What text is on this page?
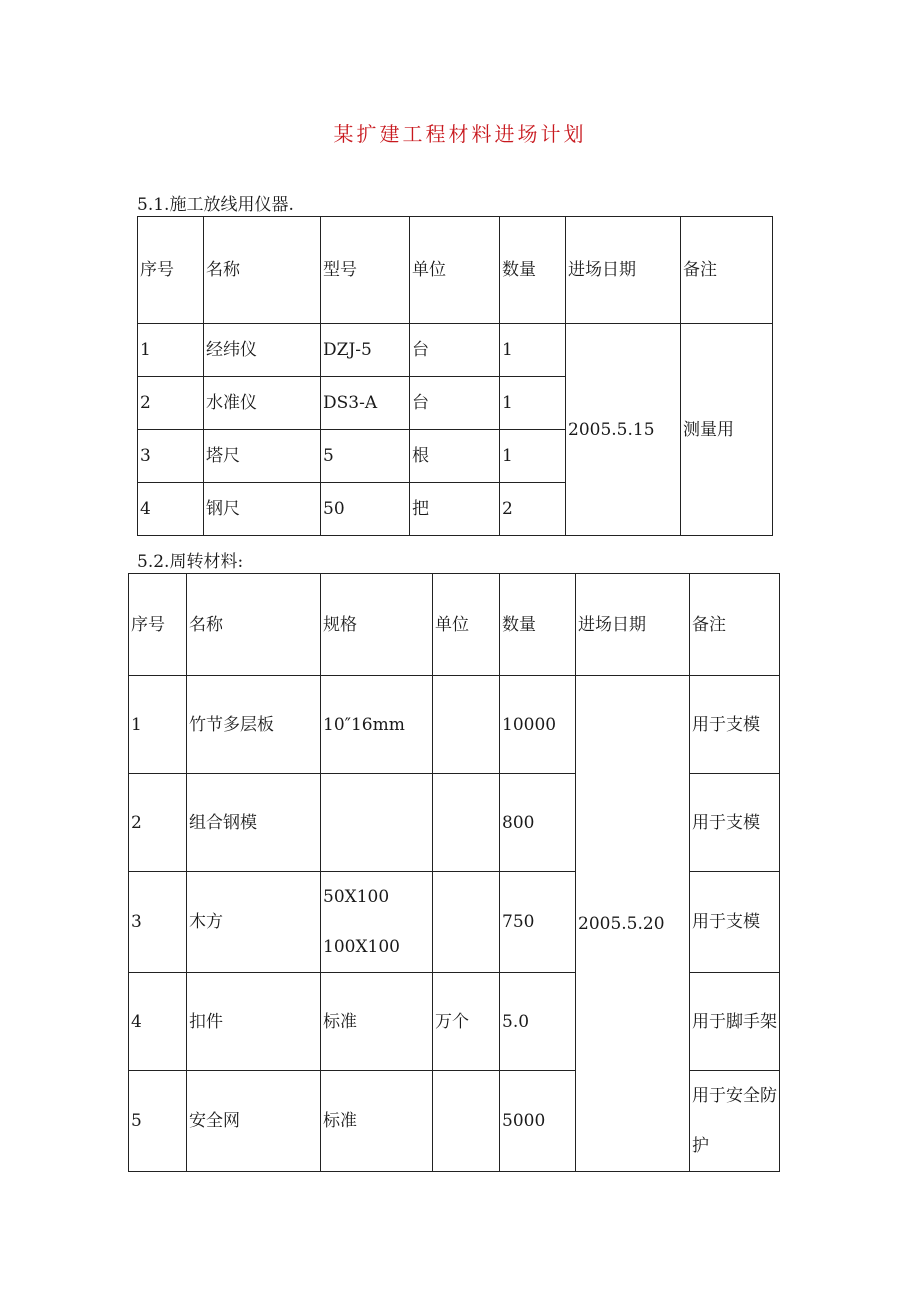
某扩建工程材料进场计划
5.1.施工放线用仪器.
序号	名称	型号	单位	数量	进场日期	备注
1	经纬仪	DZJ-5	台	1	2005.5.15	测量用
2	水准仪	DS3-A	台	1		
3	塔尺	5	根	1		
4	钢尺	50	把	2		
5.2.周转材料:
序号	名称	规格	单位	数量	进场日期	备注
1	竹节多层板	10″16mm		10000	2005.5.20	用于支模
2	组合钢模			800		用于支模
3	木方	50X100 100X100		750		用于支模
4	扣件	标准	万个	5.0		用于脚手架
5	安全网	标准		5000		用于安全防护
